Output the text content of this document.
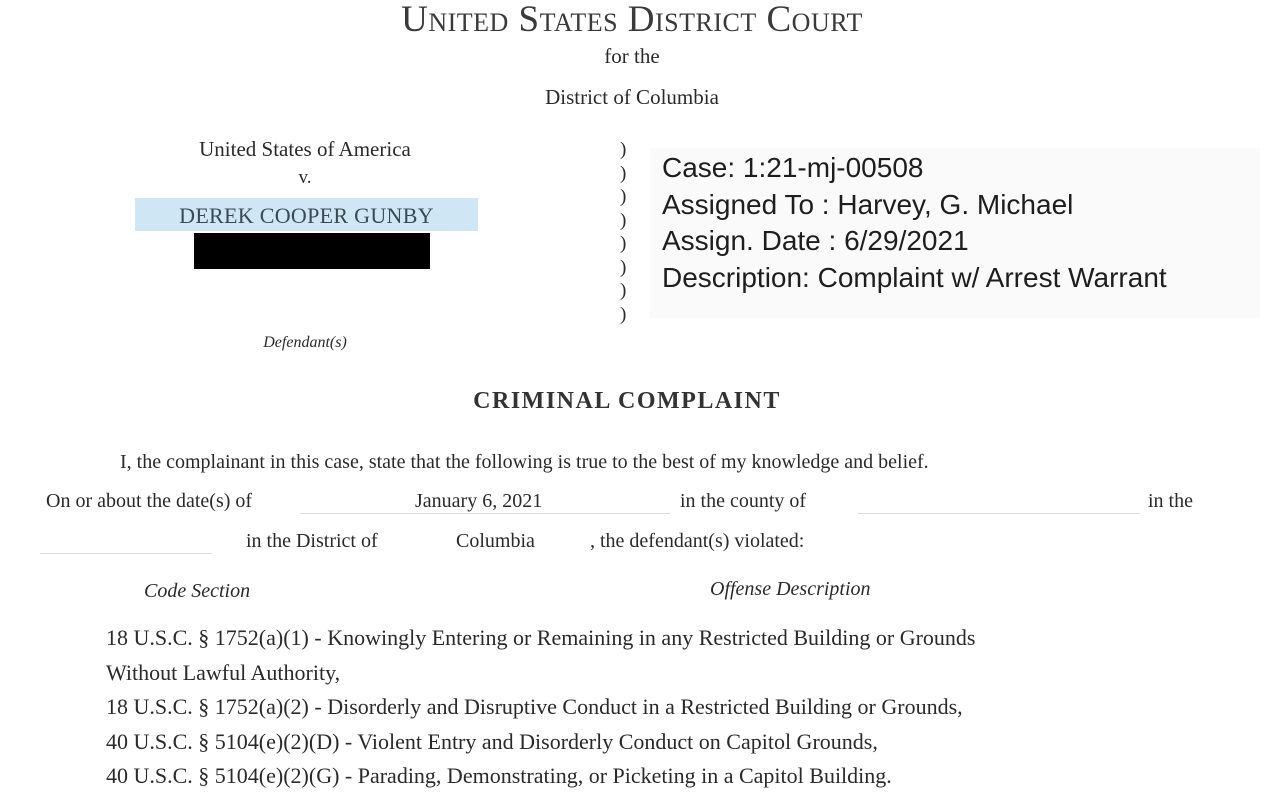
United States District Court
for the
District of Columbia
United States of America
v.
DEREK COOPER GUNBY
Defendant(s)
)
)
)
)
)
)
)
)
Case: 1:21-mj-00508
Assigned To : Harvey, G. Michael
Assign. Date : 6/29/2021
Description: Complaint w/ Arrest Warrant
CRIMINAL COMPLAINT
I, the complainant in this case, state that the following is true to the best of my knowledge and belief.
On or about the date(s) of	January 6, 2021	in the county of	in the
in the District of	Columbia	, the defendant(s) violated:
Code Section	Offense Description
18 U.S.C. § 1752(a)(1) - Knowingly Entering or Remaining in any Restricted Building or Grounds
Without Lawful Authority,
18 U.S.C. § 1752(a)(2) - Disorderly and Disruptive Conduct in a Restricted Building or Grounds,
40 U.S.C. § 5104(e)(2)(D) - Violent Entry and Disorderly Conduct on Capitol Grounds,
40 U.S.C. § 5104(e)(2)(G) - Parading, Demonstrating, or Picketing in a Capitol Building.
